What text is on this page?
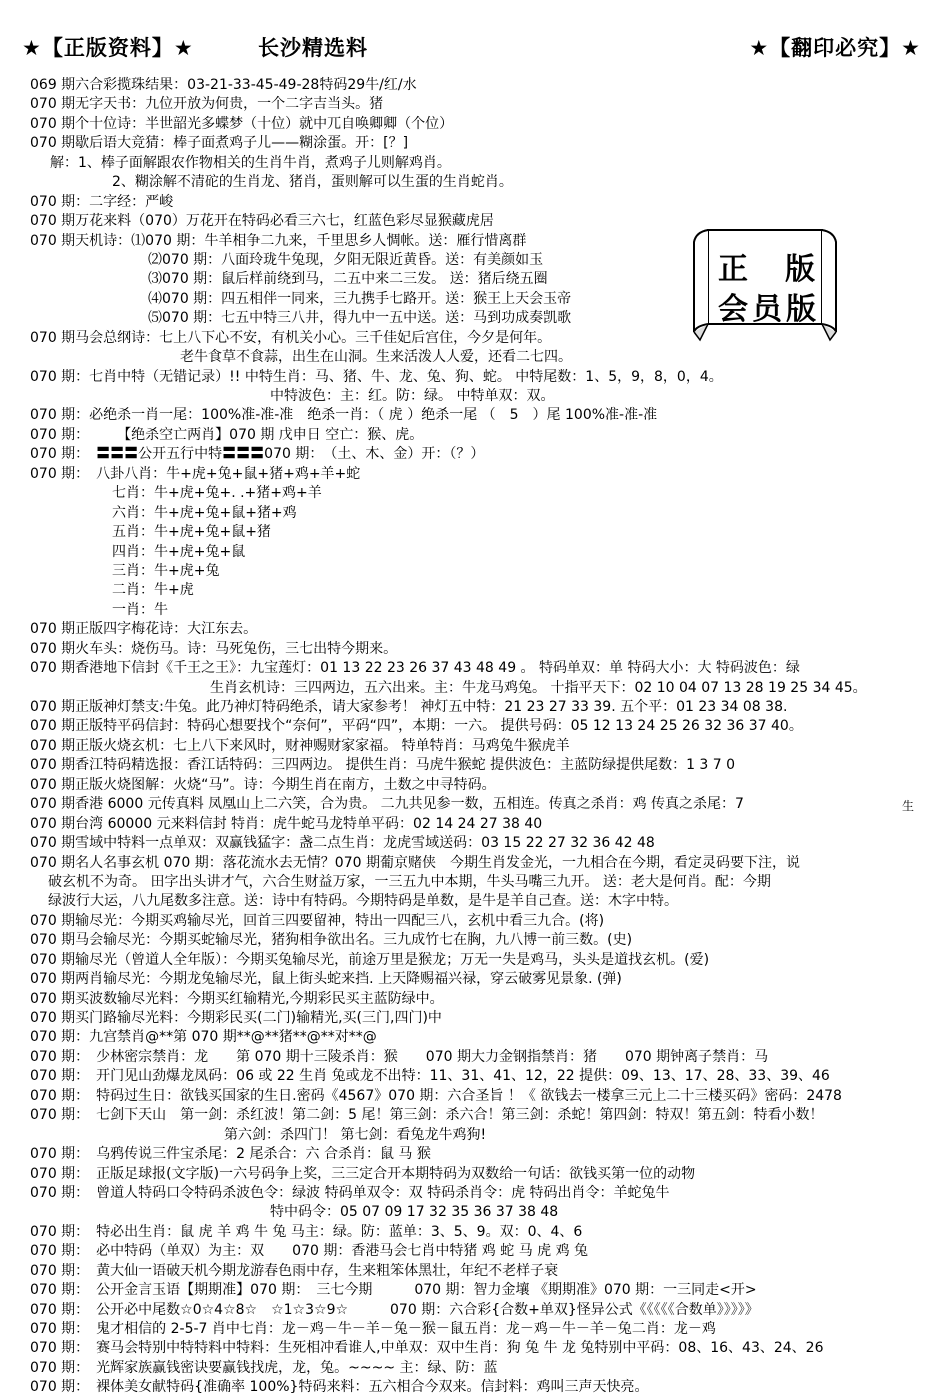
★【正版资料】★	长沙精选料	★【翻印必究】★
正 版
会员版
生
069 期六合彩揽珠结果：03-21-33-45-49-28特码29牛/红/水
070 期无字天书：九位开放为何贵，一个二字吉当头。猪
070 期个十位诗：半世韶光多蝶梦（十位）就中兀自唤卿卿（个位）
070 期歇后语大竞猜：棒子面煮鸡子儿——糊涂蛋。开：[？]
解：1、棒子面解跟农作物相关的生肖牛肖，煮鸡子儿则解鸡肖。
2、糊涂解不清砣的生肖龙、猪肖，蛋则解可以生蛋的生肖蛇肖。
070 期：二字经：严峻
070 期万花来料（070）万花开在特码必看三六七，红蓝色彩尽显猴藏虎居
070 期天机诗：⑴070 期：牛羊相争二九来，千里思乡人惆帐。送：雁行惜离群
⑵070 期：八面玲珑牛兔现，夕阳无限近黄昏。送：有美颜如玉
⑶070 期：鼠后样前绕到马，二五中来二三发。 送：猪后绕五圈
⑷070 期：四五相伴一同来，三九携手七路开。送：猴王上天会玉帝
⑸070 期：七五中特三八井，得九中一五中送。送：马到功成奏凯歌
070 期马会总纲诗：七上八下心不安，有机关小心。三千佳妃后宫住，今夕是何年。
老牛食草不食蒜，出生在山洞。生来活泼人人爱，还看二七四。
070 期：七肖中特（无错记录）!! 中特生肖：马、猪、牛、龙、兔、狗、蛇。 中特尾数：1、5，9，8，0，4。
中特波色：主：红。防：绿。 中特单双：双。
070 期：必绝杀一肖一尾：100%准-准-准　绝杀一肖：（ 虎 ）绝杀一尾 （　5　）尾 100%准-准-准
070 期：　　　【绝杀空亡两肖】070 期 戊申日 空亡：猴、虎。
070 期：　〓〓〓公开五行中特〓〓〓070 期：　（土、木、金）开：（？）
070 期：　八卦八肖：牛+虎+兔+鼠+猪+鸡+羊+蛇
七肖：牛+虎+兔+. .+猪+鸡+羊
六肖：牛+虎+兔+鼠+猪+鸡
五肖：牛+虎+兔+鼠+猪
四肖：牛+虎+兔+鼠
三肖：牛+虎+兔
二肖：牛+虎
一肖：牛
070 期正版四字梅花诗：大江东去。
070 期火车头：烧伤马。诗：马死兔伤，三七出特今期来。
070 期香港地下信封《千王之王》：九宝莲灯：01 13 22 23 26 37 43 48 49 。 特码单双：单 特码大小：大 特码波色：绿
生肖玄机诗：三四两边，五六出来。主：牛龙马鸡兔。 十指平天下：02 10 04 07 13 28 19 25 34 45。
070 期正版神灯禁支:牛兔。此乃神灯特码绝杀，请大家参考！ 神灯五中特：21 23 27 33 39. 五个平：01 23 34 08 38.
070 期正版特平码信封：特码心想要找个“奈何”，平码“四”，本期：一六。 提供号码：05 12 13 24 25 26 32 36 37 40。
070 期正版火烧玄机：七上八下来风时，财神赐财家家福。 特单特肖：马鸡兔牛猴虎羊
070 期香江特码精选报：香江话特码：三四两边。 提供生肖：马虎牛猴蛇 提供波色：主蓝防绿提供尾数：1 3 7 0
070 期正版火烧图解：火烧“马”。诗：今期生肖在南方，土数之中寻特码。
070 期香港 6000 元传真料 凤凰山上二六笑，合为贵。 二九共见参一数，五相连。传真之杀肖：鸡 传真之杀尾：7
070 期台湾 60000 元来料信封 特肖：虎牛蛇马龙特单平码：02 14 24 27 38 40
070 期雪域中特料一点单双：双赢钱猛字：盏二点生肖：龙虎雪域送码：03 15 22 27 32 36 42 48
070 期名人名事玄机 070 期：落花流水去无情？070 期葡京赌侠　今期生肖发金光，一九相合在今期，看定灵码要下注，说
破玄机不为奇。 田字出头讲才气，六合生财益万家，一三五九中本期，牛头马嘴三九开。 送：老大是何肖。配：今期
绿波行大运，八九尾数多注意。送：诗中有特码。今期特码是单数，是牛是羊自己查。送：木字中特。
070 期输尽光：今期买鸡输尽光，回首三四要留神，特出一四配三八，玄机中看三九合。(将)
070 期马会输尽光：今期买蛇输尽光，猪狗相争欲出名。三九成竹七在胸，九八博一前三数。(史)
070 期输尽光（曾道人全年版）：今期买兔输尽光，前途万里是猴龙；万无一失是鸡马，头头是道找玄机。(爱)
070 期两肖输尽光：今期龙兔输尽光，鼠上街头蛇来挡. 上天降赐福兴禄，穿云破雾见景象. (弹)
070 期买波数输尽光料：今期买红输精光,今期彩民买主蓝防绿中。
070 期买门路输尽光料：今期彩民买(二门)输精光,买(三门,四门)中
070 期：九宫禁肖@**第 070 期**@**猪**@**对**@
070 期：　少林密宗禁肖：龙　　第 070 期十三陵杀肖：猴　　070 期大力金钢指禁肖：猪　　070 期钟离子禁肖：马
070 期：　开门见山劲爆龙凤码：06 或 22 生肖 兔或龙不出特：11、31、41、12，22 提供：09、13、17、28、33、39、46
070 期：　特码过生日：欲钱买国家的生日.密码《4567》070 期：六合圣旨 ！《 欲钱去一楼拿三元上二十三楼买码》密码：2478
070 期：　七剑下天山　第一剑：杀红波！第二剑：5 尾！第三剑：杀六合！第三剑：杀蛇！第四剑：特双！第五剑：特看小数！
第六剑：杀四门！ 第七剑：看兔龙牛鸡狗!
070 期：　乌鸦传说三件宝杀尾：2 尾杀合：六 合杀肖：鼠 马 猴
070 期：　正版足球报(文字版)一六号码争上奖，三三定合开本期特码为双数给一句话：欲钱买第一位的动物
070 期：　曾道人特码口令特码杀波色令：绿波 特码单双令：双 特码杀肖令：虎 特码出肖令：羊蛇兔牛
特中码令：05 07 09 17 32 35 36 37 38 48
070 期：　特必出生肖：鼠 虎 羊 鸡 牛 兔 马主：绿。防：蓝单：3、5、9。双：0、4、6
070 期：　必中特码（单双）为主：双　　070 期：香港马会七肖中特猪 鸡 蛇 马 虎 鸡 兔
070 期：　黄大仙一语破天机今期龙游春色雨中存，生来粗笨体黑壮，年纪不老样子衰
070 期：　公开金言玉语【期期准】070 期：　三七今期　　　070 期：智力金壤 《期期准》070 期：一三同走<开>
070 期：　公开必中尾数☆0☆4☆8☆　☆1☆3☆9☆　　　070 期：六合彩{合数+单双}怪异公式《《《《《合数单》》》》》
070 期：　鬼才相信的 2-5-7 肖中七肖：龙－鸡－牛－羊－兔－猴－鼠五肖：龙－鸡－牛－羊－兔二肖：龙－鸡
070 期：　赛马会特别中特特料中特料：生死相冲看谁人,中单双：双中生肖：狗 兔 牛 龙 兔特别中平码：08、16、43、24、26
070 期：　光辉家族赢钱密诀要赢钱找虎，龙，兔。~~~~ 主：绿、防：蓝
070 期：　裸体美女献特码{准确率 100%}特码来料：五六相合今双来。信封料：鸡叫三声天快亮。
